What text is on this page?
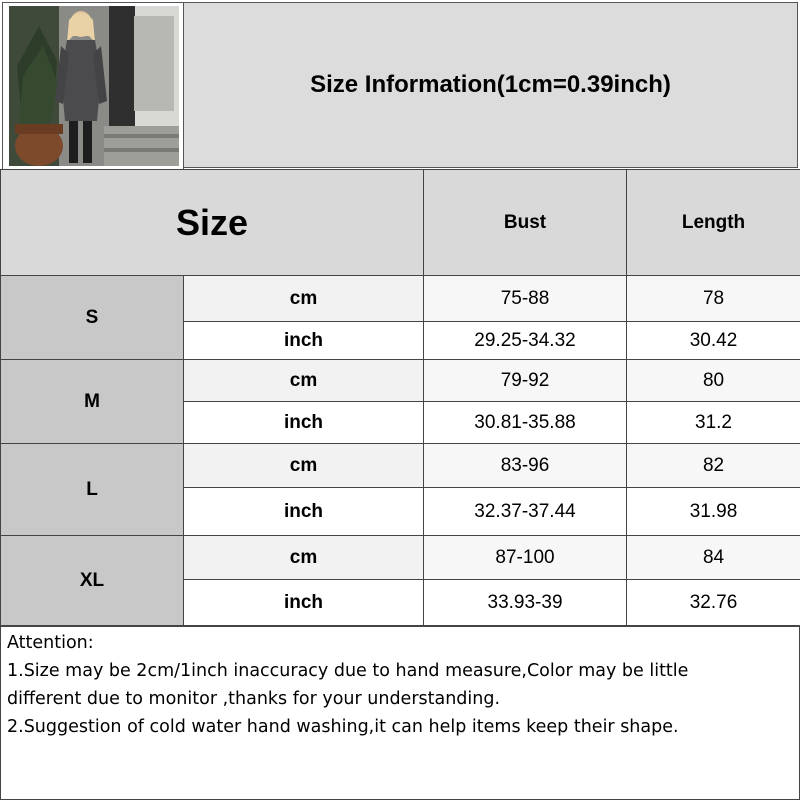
Size Information(1cm=0.39inch)
Size		Bust	Length
S	cm	75-88	78
	inch	29.25-34.32	30.42
M	cm	79-92	80
	inch	30.81-35.88	31.2
L	cm	83-96	82
	inch	32.37-37.44	31.98
XL	cm	87-100	84
	inch	33.93-39	32.76
Attention:
1.Size may be 2cm/1inch inaccuracy due to hand measure,Color may be little
different due to monitor ,thanks for your understanding.
2.Suggestion of cold water hand washing,it can help items keep their shape.
